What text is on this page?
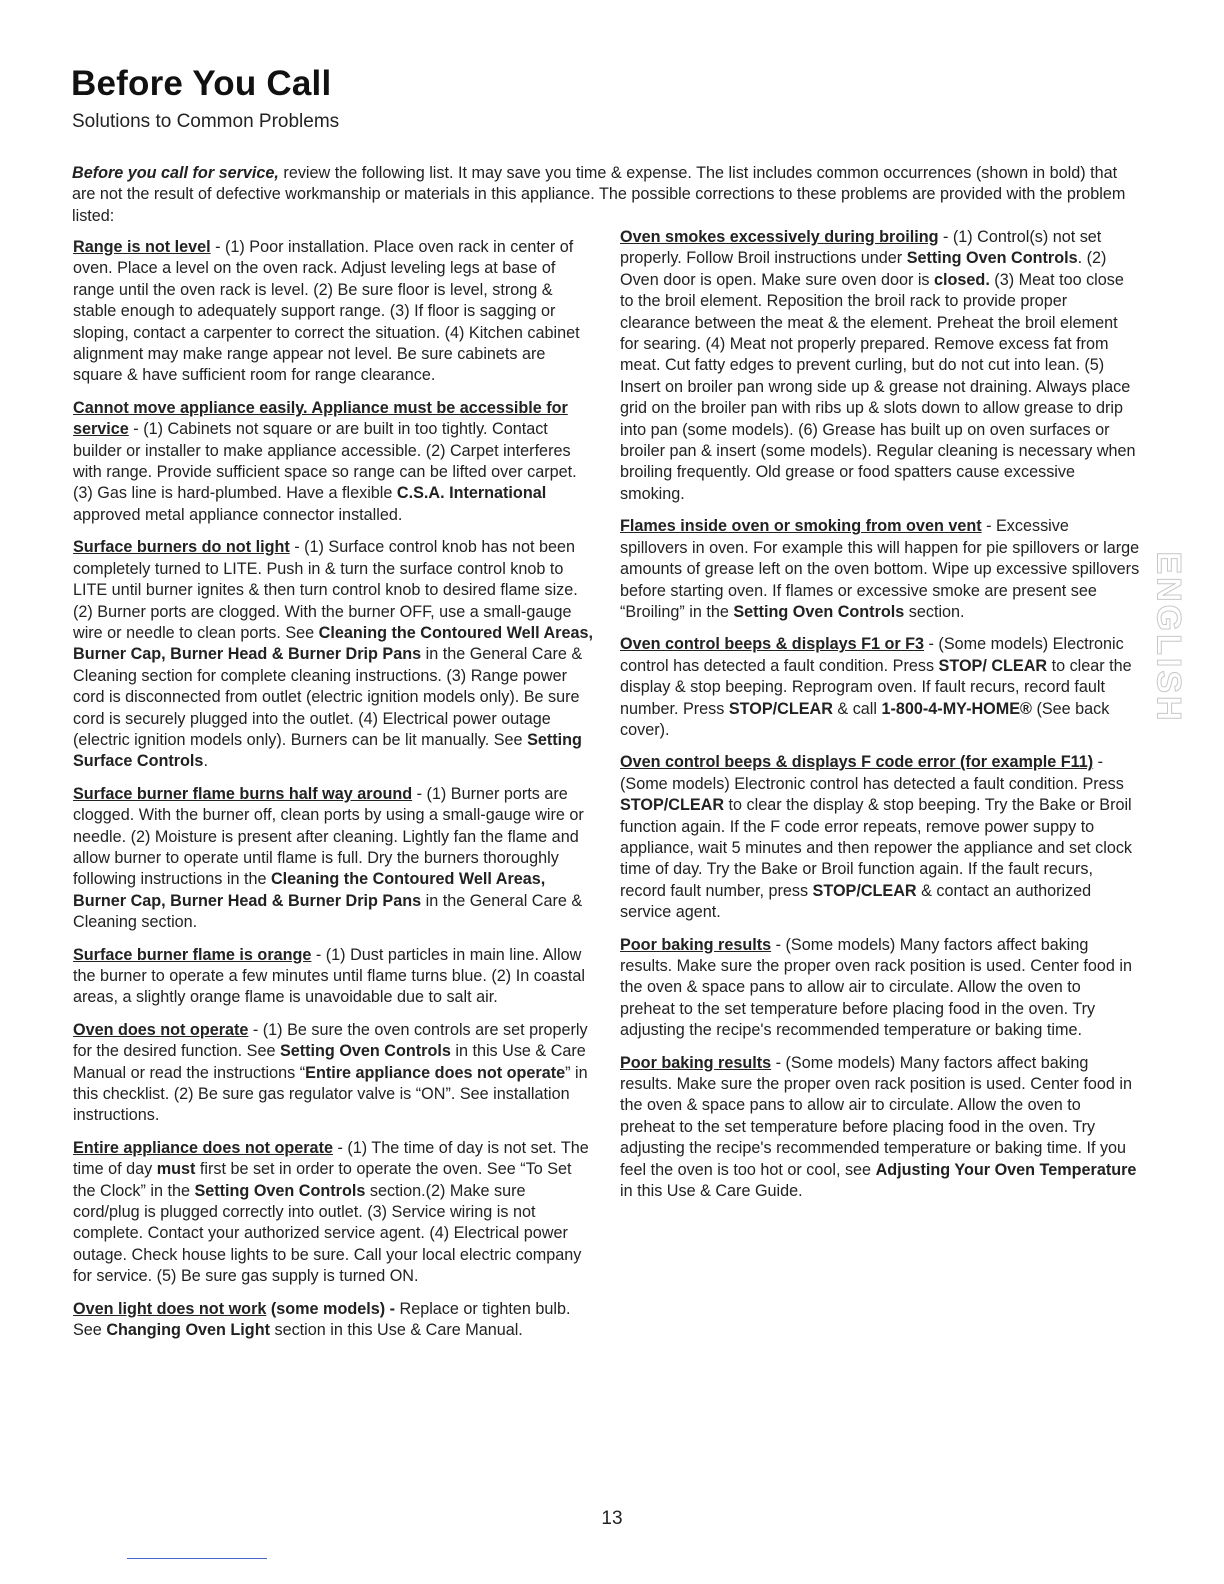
Before You Call
Solutions to Common Problems
Before you call for service, review the following list. It may save you time & expense. The list includes common occurrences (shown in bold) that are not the result of defective workmanship or materials in this appliance. The possible corrections to these problems are provided with the problem listed:

Range is not level - (1) Poor installation. Place oven rack in center of oven. Place a level on the oven rack. Adjust leveling legs at base of range until the oven rack is level. (2) Be sure floor is level, strong & stable enough to adequately support range. (3) If floor is sagging or sloping, contact a carpenter to correct the situation. (4) Kitchen cabinet alignment may make range appear not level. Be sure cabinets are square & have sufficient room for range clearance.

Cannot move appliance easily. Appliance must be accessible for service - (1) Cabinets not square or are built in too tightly. Contact builder or installer to make appliance accessible. (2) Carpet interferes with range. Provide sufficient space so range can be lifted over carpet. (3) Gas line is hard-plumbed. Have a flexible C.S.A. International approved metal appliance connector installed.

Surface burners do not light - (1) Surface control knob has not been completely turned to LITE. Push in & turn the surface control knob to LITE until burner ignites & then turn control knob to desired flame size. (2) Burner ports are clogged. With the burner OFF, use a small-gauge wire or needle to clean ports. See Cleaning the Contoured Well Areas, Burner Cap, Burner Head & Burner Drip Pans in the General Care & Cleaning section for complete cleaning instructions. (3) Range power cord is disconnected from outlet (electric ignition models only). Be sure cord is securely plugged into the outlet. (4) Electrical power outage (electric ignition models only). Burners can be lit manually. See Setting Surface Controls.

Surface burner flame burns half way around - (1) Burner ports are clogged. With the burner off, clean ports by using a small-gauge wire or needle. (2) Moisture is present after cleaning. Lightly fan the flame and allow burner to operate until flame is full. Dry the burners thoroughly following instructions in the Cleaning the Contoured Well Areas, Burner Cap, Burner Head & Burner Drip Pans in the General Care & Cleaning section.

Surface burner flame is orange - (1) Dust particles in main line. Allow the burner to operate a few minutes until flame turns blue. (2) In coastal areas, a slightly orange flame is unavoidable due to salt air.

Oven does not operate - (1) Be sure the oven controls are set properly for the desired function. See Setting Oven Controls in this Use & Care Manual or read the instructions “Entire appliance does not operate” in this checklist. (2) Be sure gas regulator valve is “ON”. See installation instructions.

Entire appliance does not operate - (1) The time of day is not set. The time of day must first be set in order to operate the oven. See “To Set the Clock” in the Setting Oven Controls section.(2) Make sure cord/plug is plugged correctly into outlet. (3) Service wiring is not complete. Contact your authorized service agent. (4) Electrical power outage. Check house lights to be sure. Call your local electric company for service. (5) Be sure gas supply is turned ON.

Oven light does not work (some models) - Replace or tighten bulb. See Changing Oven Light section in this Use & Care Manual.

Oven smokes excessively during broiling - (1) Control(s) not set properly. Follow Broil instructions under Setting Oven Controls. (2) Oven door is open. Make sure oven door is closed. (3) Meat too close to the broil element. Reposition the broil rack to provide proper clearance between the meat & the element. Preheat the broil element for searing. (4) Meat not properly prepared. Remove excess fat from meat. Cut fatty edges to prevent curling, but do not cut into lean. (5) Insert on broiler pan wrong side up & grease not draining. Always place grid on the broiler pan with ribs up & slots down to allow grease to drip into pan (some models). (6) Grease has built up on oven surfaces or broiler pan & insert (some models). Regular cleaning is necessary when broiling frequently. Old grease or food spatters cause excessive smoking.

Flames inside oven or smoking from oven vent - Excessive spillovers in oven. For example this will happen for pie spillovers or large amounts of grease left on the oven bottom. Wipe up excessive spillovers before starting oven. If flames or excessive smoke are present see “Broiling” in the Setting Oven Controls section.

Oven control beeps & displays F1 or F3 - (Some models) Electronic control has detected a fault condition. Press STOP/ CLEAR to clear the display & stop beeping. Reprogram oven. If fault recurs, record fault number. Press STOP/CLEAR & call 1-800-4-MY-HOME® (See back cover).

Oven control beeps & displays F code error (for example F11) - (Some models) Electronic control has detected a fault condition. Press STOP/CLEAR to clear the display & stop beeping. Try the Bake or Broil function again. If the F code error repeats, remove power suppy to appliance, wait 5 minutes and then repower the appliance and set clock time of day. Try the Bake or Broil function again. If the fault recurs, record fault number, press STOP/CLEAR & contact an authorized service agent.

Poor baking results - (Some models) Many factors affect baking results. Make sure the proper oven rack position is used. Center food in the oven & space pans to allow air to circulate. Allow the oven to preheat to the set temperature before placing food in the oven. Try adjusting the recipe's recommended temperature or baking time.

Poor baking results - (Some models) Many factors affect baking results. Make sure the proper oven rack position is used. Center food in the oven & space pans to allow air to circulate. Allow the oven to preheat to the set temperature before placing food in the oven. Try adjusting the recipe's recommended temperature or baking time. If you feel the oven is too hot or cool, see Adjusting Your Oven Temperature in this Use & Care Guide.

ENGLISH
13
